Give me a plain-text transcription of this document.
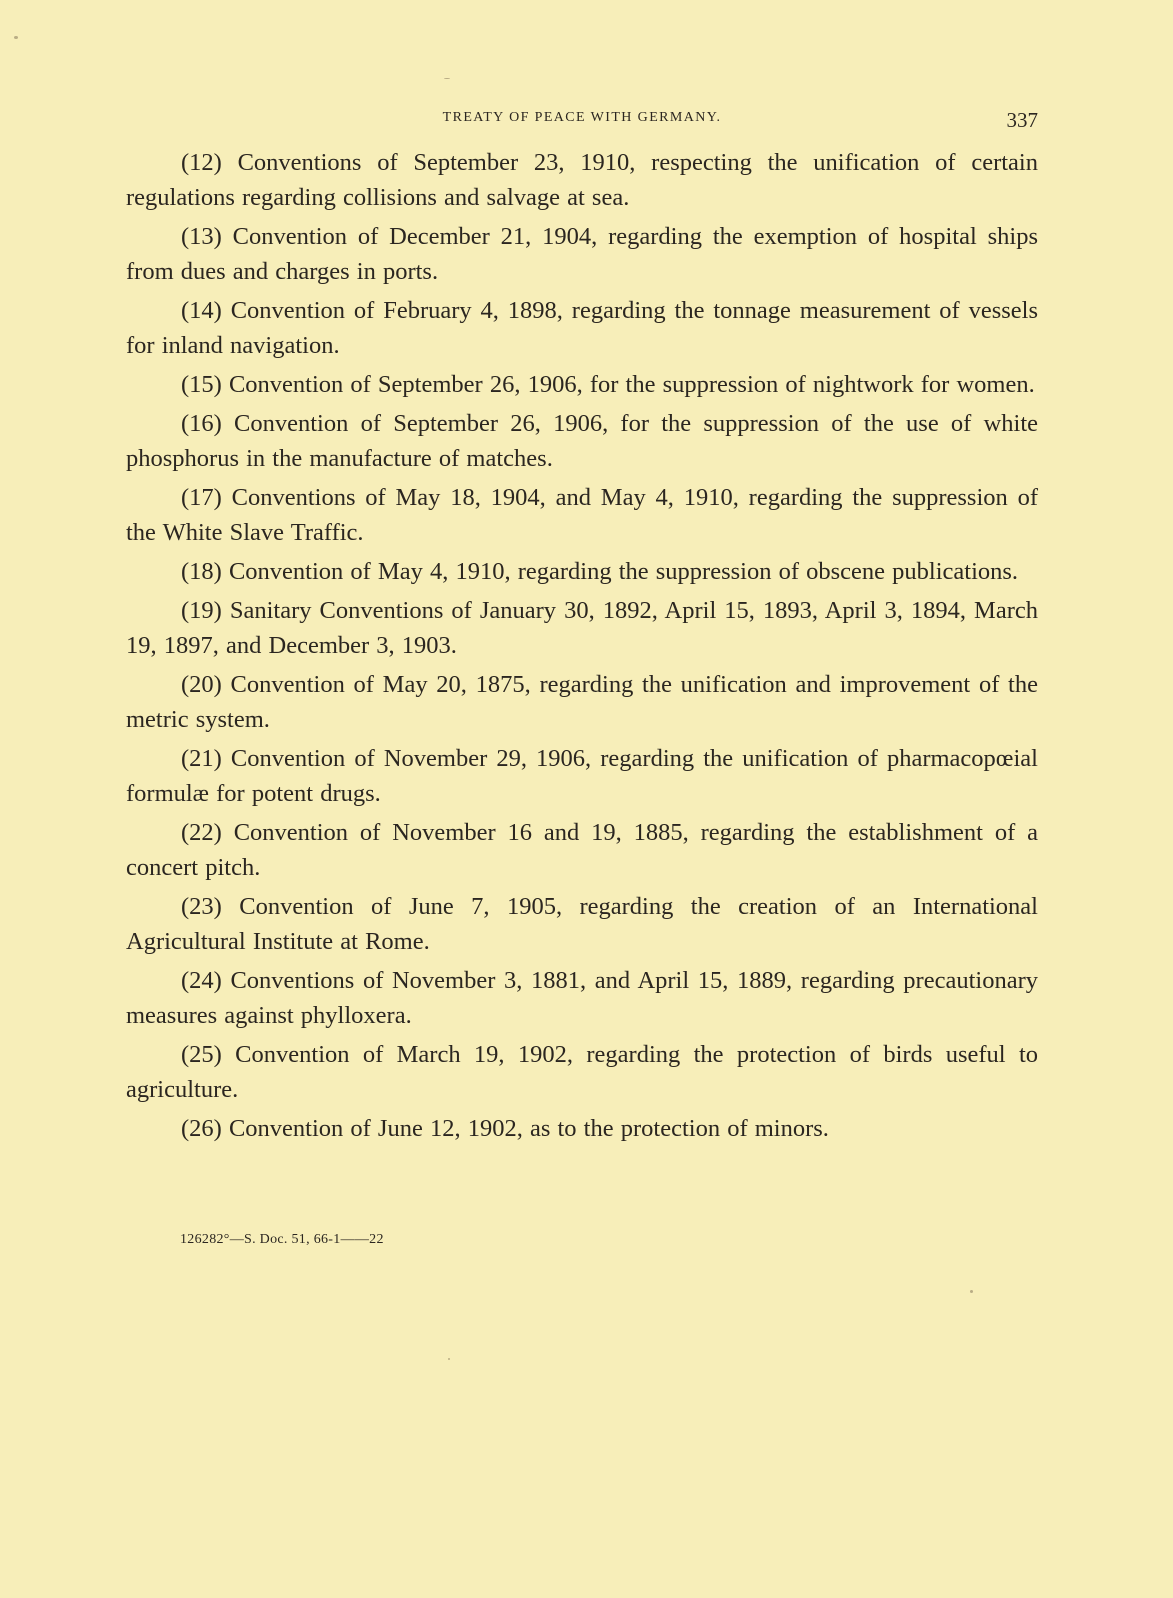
TREATY OF PEACE WITH GERMANY.	337

(12) Conventions of September 23, 1910, respecting the unification of certain regulations regarding collisions and salvage at sea.

(13) Convention of December 21, 1904, regarding the exemption of hospital ships from dues and charges in ports.

(14) Convention of February 4, 1898, regarding the tonnage measurement of vessels for inland navigation.

(15) Convention of September 26, 1906, for the suppression of nightwork for women.

(16) Convention of September 26, 1906, for the suppression of the use of white phosphorus in the manufacture of matches.

(17) Conventions of May 18, 1904, and May 4, 1910, regarding the suppression of the White Slave Traffic.

(18) Convention of May 4, 1910, regarding the suppression of obscene publications.

(19) Sanitary Conventions of January 30, 1892, April 15, 1893, April 3, 1894, March 19, 1897, and December 3, 1903.

(20) Convention of May 20, 1875, regarding the unification and improvement of the metric system.

(21) Convention of November 29, 1906, regarding the unification of pharmacopœial formulæ for potent drugs.

(22) Convention of November 16 and 19, 1885, regarding the establishment of a concert pitch.

(23) Convention of June 7, 1905, regarding the creation of an International Agricultural Institute at Rome.

(24) Conventions of November 3, 1881, and April 15, 1889, regarding precautionary measures against phylloxera.

(25) Convention of March 19, 1902, regarding the protection of birds useful to agriculture.

(26) Convention of June 12, 1902, as to the protection of minors.

126282°—S. Doc. 51, 66-1——22
